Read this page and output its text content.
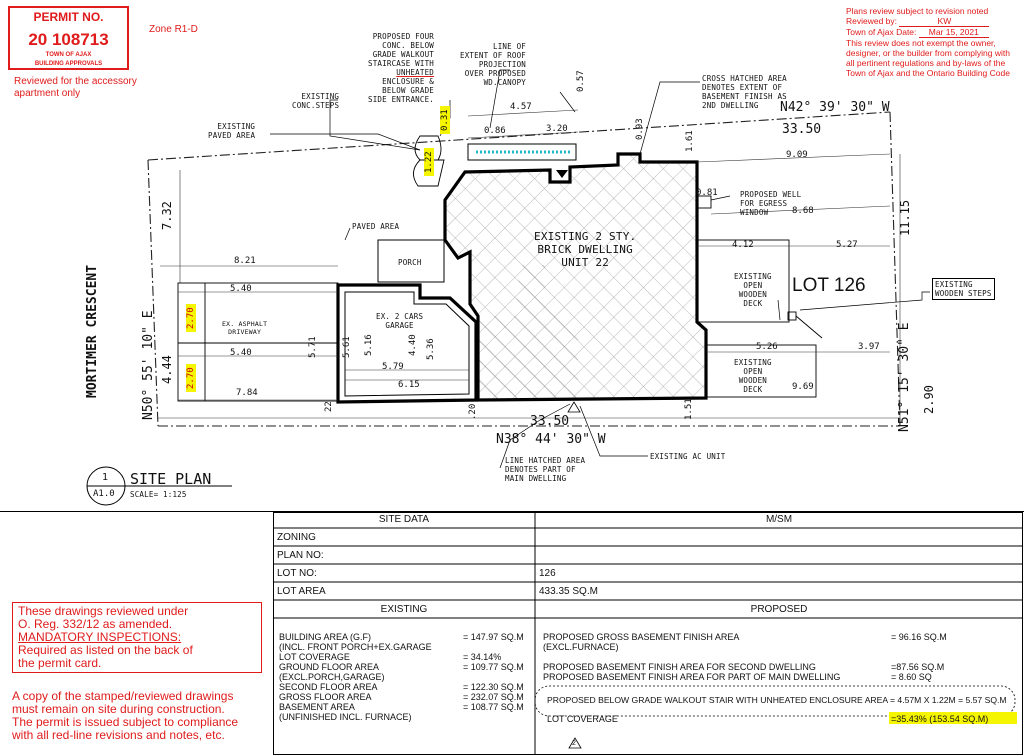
PERMIT NO.
20 108713
TOWN OF AJAX
BUILDING APPROVALS
Reviewed for the accessory apartment only
Zone R1-D
Plans review subject to revision noted
Reviewed by:	KW
Town of Ajax Date: Mar 15, 2021
This review does not exempt the owner,
designer, or the builder from complying with
all pertinent regulations and by-laws of the
Town of Ajax and the Ontario Building Code
MORTIMER CRESCENT	LOT 126
EXISTING 2 STY.
BRICK DWELLING
UNIT 22
PORCH
EX. 2 CARS
GARAGE
EX. ASPHALT
DRIVEWAY
PAVED AREA
N42° 39' 30" W
N38° 44' 30" W
N50° 55' 10" E	N51° 15' 30" E
PROPOSED FOUR
CONC. BELOW
GRADE WALKOUT
STAIRCASE WITH
UNHEATED
ENCLOSURE &
BELOW GRADE
SIDE ENTRANCE.
LINE OF
EXTENT OF ROOF
PROJECTION
OVER PROPOSED
WD.CANOPY	CROSS HATCHED AREA
DENOTES EXTENT OF
BASEMENT FINISH AS
2ND DWELLING
EXISTING
CONC.STEPS
EXISTING
PAVED AREA
PROPOSED WELL
FOR EGRESS
WINDOW
EXISTING
OPEN
WOODEN
DECK
EXISTING
OPEN
WOODEN
DECK
EXISTING
WOODEN STEPS
LINE HATCHED AREA
DENOTES PART OF
MAIN DWELLING
EXISTING AC UNIT
4.57
0.57
0.86	3.20	0.93
1.61
33.50
9.09
0.81
8.68	11.15
4.12	5.27
7.32
8.21
5.40
5.40
2.70
2.70
5.71	5.61 5.16	4.40 5.36
5.79
6.15
7.84
4.44
5.26	3.97
9.69	2.90
22	.20
33.50
1.51
0.31
1.22
1
A1.0
SITE PLAN
SCALE= 1:125
These drawings reviewed under
O. Reg. 332/12 as amended.
MANDATORY INSPECTIONS:
Required as listed on the back of
the permit card.
A copy of the stamped/reviewed drawings
must remain on site during construction.
The permit is issued subject to compliance
with all red-line revisions and notes, etc.
SITE DATA	M/SM
ZONING
PLAN NO:
LOT NO:	126
LOT AREA	433.35 SQ.M
EXISTING	PROPOSED
BUILDING AREA (G.F)	= 147.97 SQ.M
(INCL. FRONT PORCH+EX.GARAGE
LOT COVERAGE	= 34.14%
GROUND FLOOR AREA	= 109.77 SQ.M
(EXCL.PORCH,GARAGE)
SECOND FLOOR AREA	= 122.30 SQ.M
GROSS FLOOR AREA	= 232.07 SQ.M
BASEMENT AREA	= 108.77 SQ.M
(UNFINISHED INCL. FURNACE)
PROPOSED GROSS BASEMENT FINISH AREA	= 96.16 SQ.M
(EXCL.FURNACE)
PROPOSED BASEMENT FINISH AREA FOR SECOND DWELLING	=87.56 SQ.M
PROPOSED BASEMENT FINISH AREA FOR PART OF MAIN DWELLING	= 8.60 SQ
PROPOSED BELOW GRADE WALKOUT STAIR WITH UNHEATED ENCLOSURE AREA = 4.57M X 1.22M = 5.57 SQ.M
LOT COVERAGE	=35.43% (153.54 SQ.M)
2
